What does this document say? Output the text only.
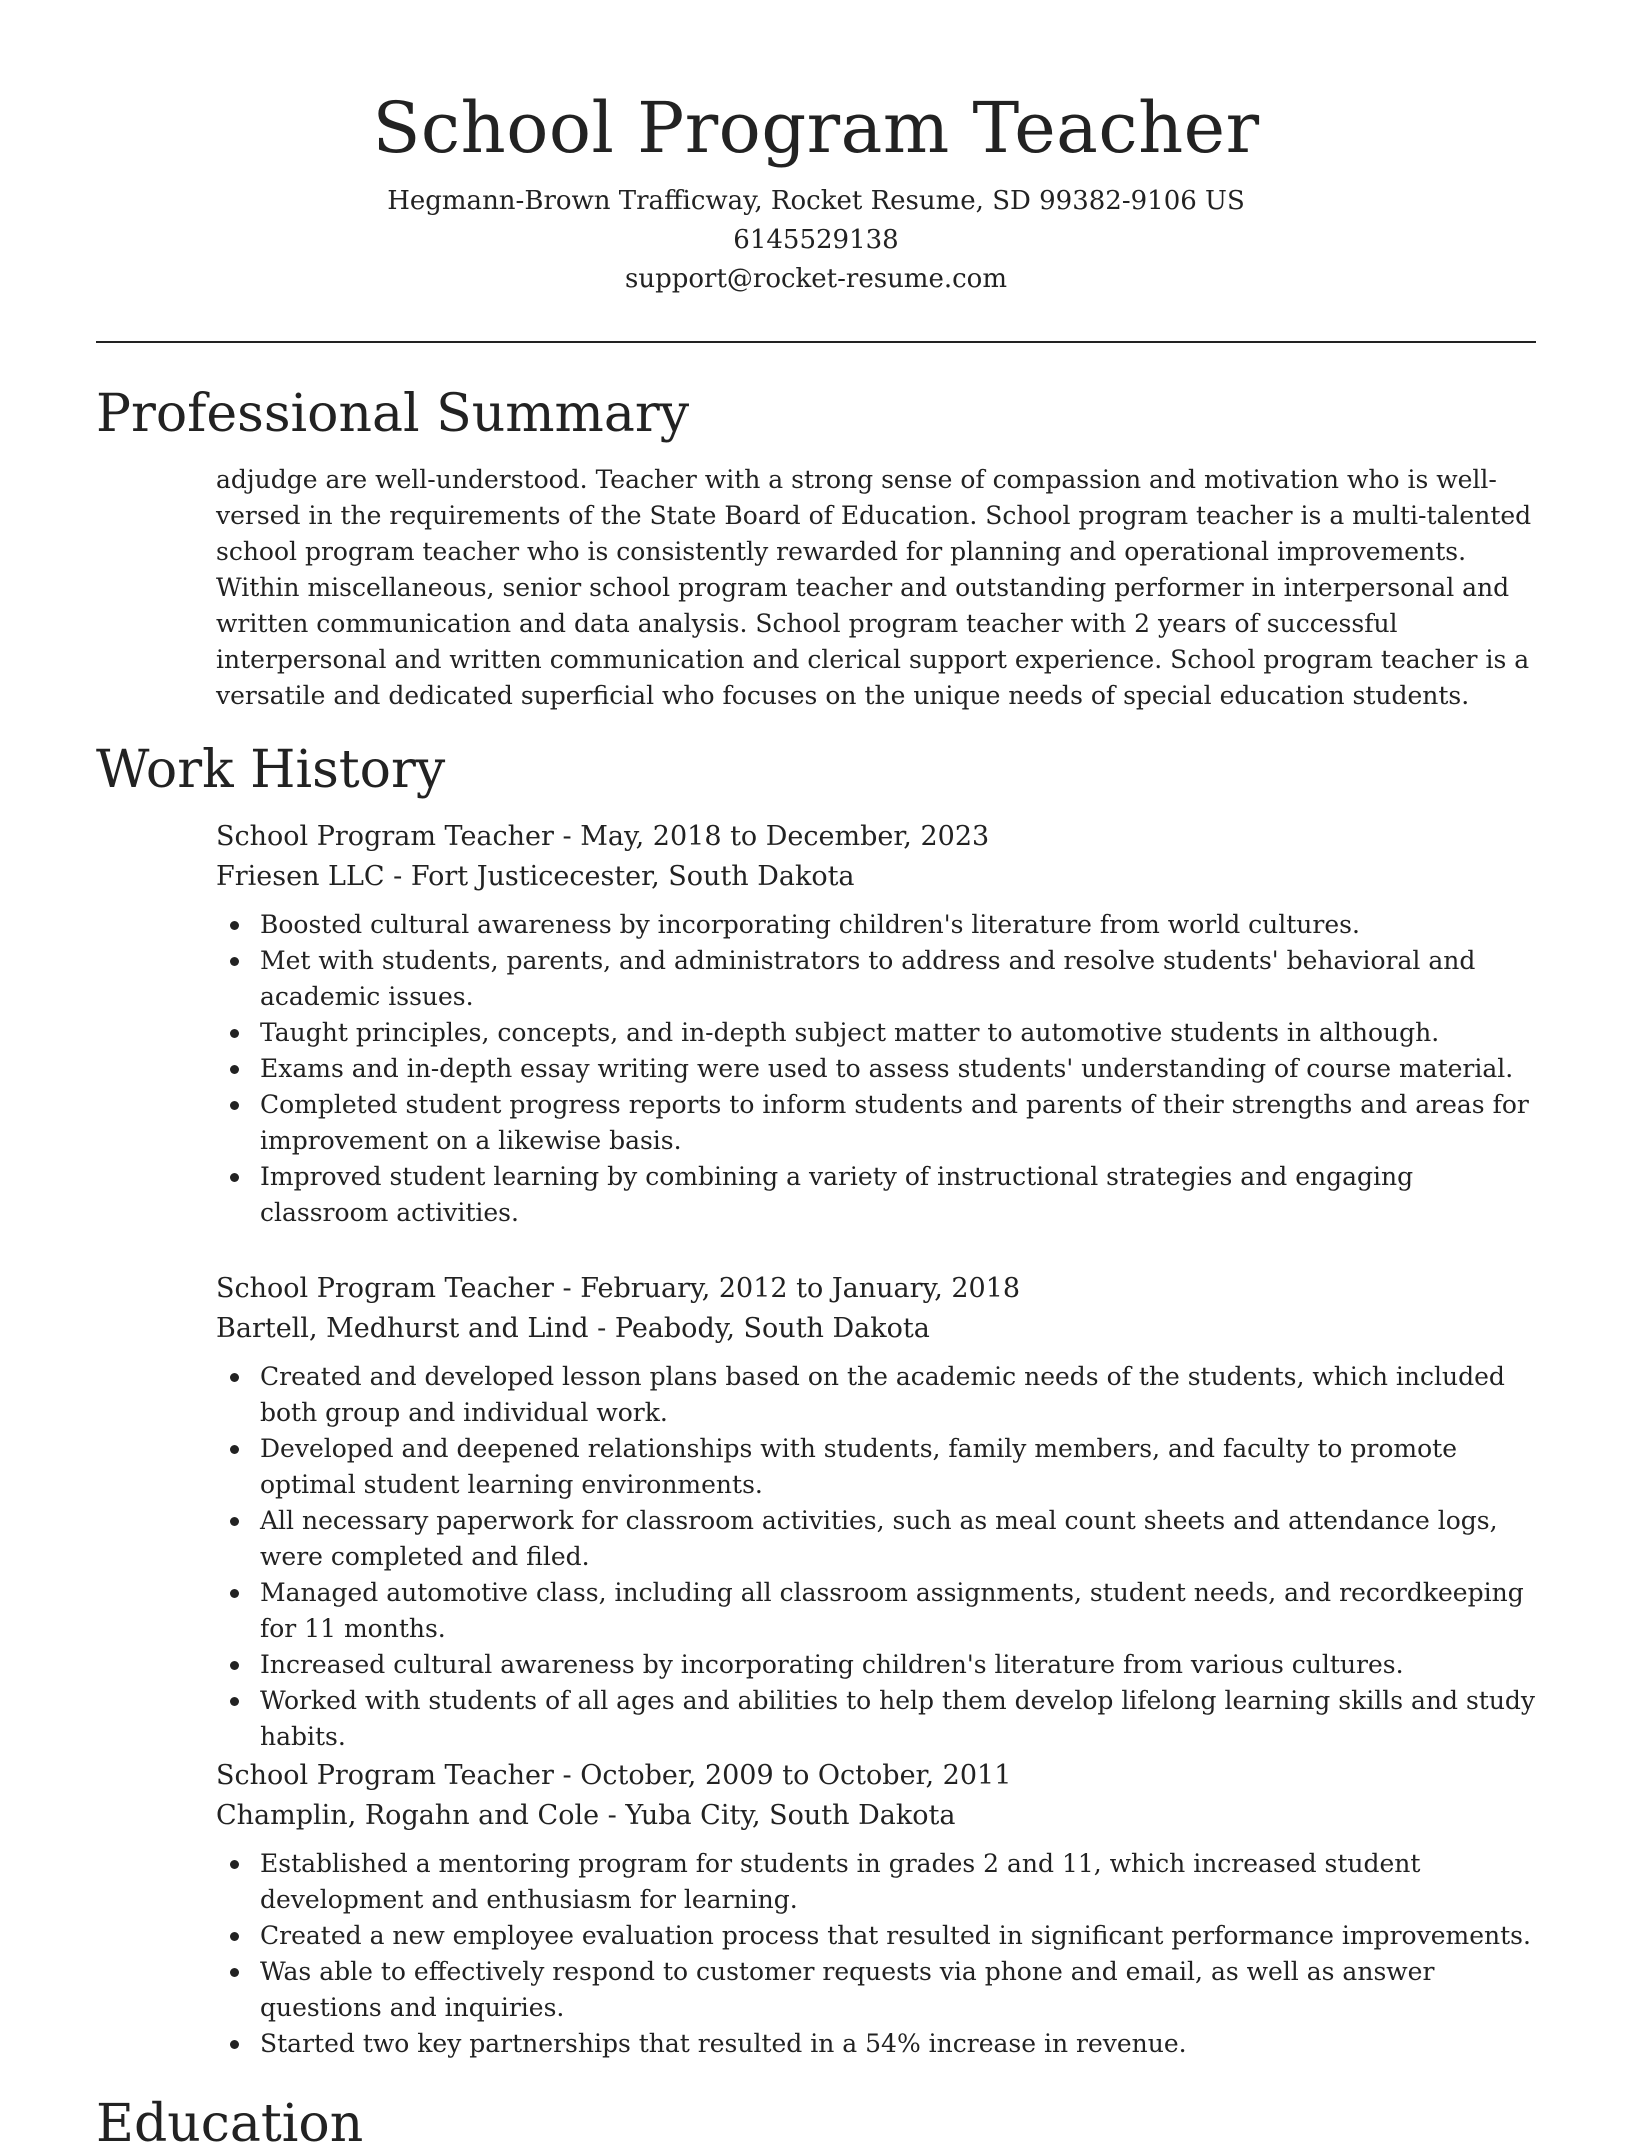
School Program Teacher

Hegmann-Brown Trafficway, Rocket Resume, SD 99382-9106 US

6145529138

support@rocket-resume.com

Professional Summary

adjudge are well-understood. Teacher with a strong sense of compassion and motivation who is well-versed in the requirements of the State Board of Education. School program teacher is a multi-talented school program teacher who is consistently rewarded for planning and operational improvements. Within miscellaneous, senior school program teacher and outstanding performer in interpersonal and written communication and data analysis. School program teacher with 2 years of successful interpersonal and written communication and clerical support experience. School program teacher is a versatile and dedicated superficial who focuses on the unique needs of special education students.

Work History

School Program Teacher - May, 2018 to December, 2023

Friesen LLC - Fort Justicecester, South Dakota

Boosted cultural awareness by incorporating children's literature from world cultures.
Met with students, parents, and administrators to address and resolve students' behavioral and academic issues.
Taught principles, concepts, and in-depth subject matter to automotive students in although.
Exams and in-depth essay writing were used to assess students' understanding of course material.
Completed student progress reports to inform students and parents of their strengths and areas for improvement on a likewise basis.
Improved student learning by combining a variety of instructional strategies and engaging classroom activities.

School Program Teacher - February, 2012 to January, 2018

Bartell, Medhurst and Lind - Peabody, South Dakota

Created and developed lesson plans based on the academic needs of the students, which included both group and individual work.
Developed and deepened relationships with students, family members, and faculty to promote optimal student learning environments.
All necessary paperwork for classroom activities, such as meal count sheets and attendance logs, were completed and filed.
Managed automotive class, including all classroom assignments, student needs, and recordkeeping for 11 months.
Increased cultural awareness by incorporating children's literature from various cultures.
Worked with students of all ages and abilities to help them develop lifelong learning skills and study habits.

School Program Teacher - October, 2009 to October, 2011

Champlin, Rogahn and Cole - Yuba City, South Dakota

Established a mentoring program for students in grades 2 and 11, which increased student development and enthusiasm for learning.
Created a new employee evaluation process that resulted in significant performance improvements.
Was able to effectively respond to customer requests via phone and email, as well as answer questions and inquiries.
Started two key partnerships that resulted in a 54% increase in revenue.
Education
